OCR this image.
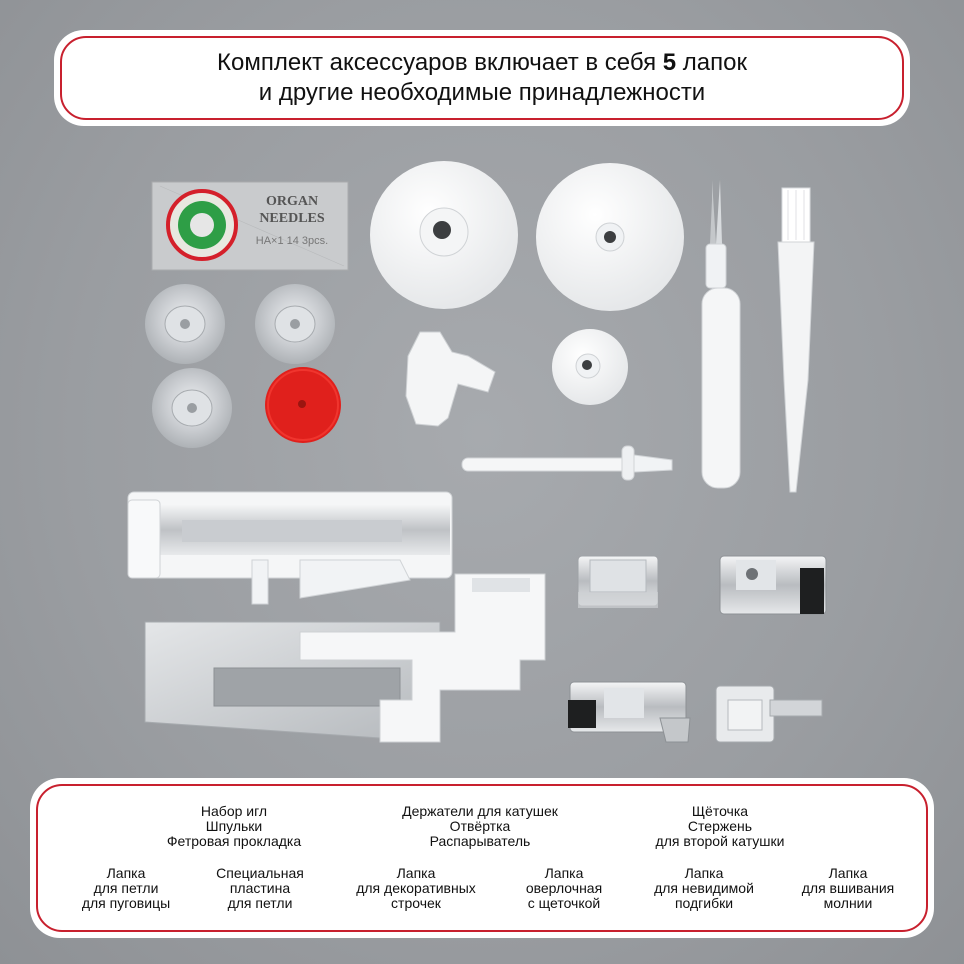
Комплект аксессуаров включает в себя 5 лапок
и другие необходимые принадлежности
ORGAN
NEEDLES
HA×1 14 3pcs.
Набор игл
Шпульки
Фетровая прокладка
Держатели для катушек
Отвёртка
Распарыватель
Щёточка
Стержень
для второй катушки
Лапка
для петли
для пуговицы
Специальная
пластина
для петли
Лапка
для декоративных
строчек
Лапка
оверлочная
с щеточкой
Лапка
для невидимой
подгибки
Лапка
для вшивания
молнии
